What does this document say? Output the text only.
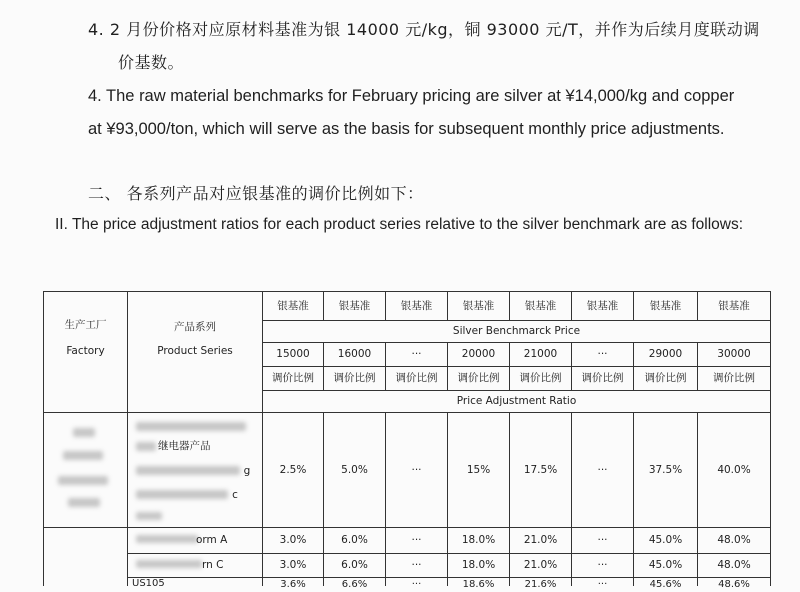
4. 2 月份价格对应原材料基准为银 14000 元/kg，铜 93000 元/T，并作为后续月度联动调
价基数。
4. The raw material benchmarks for February pricing are silver at ¥14,000/kg and copper
at ¥93,000/ton, which will serve as the basis for subsequent monthly price adjustments.
二、 各系列产品对应银基准的调价比例如下：
II. The price adjustment ratios for each product series relative to the silver benchmark are as follows:
生产工厂
Factory
产品系列
Product Series
银基准	银基准	银基准	银基准	银基准	银基准	银基准	银基准
Silver Benchmarck Price
15000	16000	···	20000	21000	···	29000	30000
调价比例	调价比例	调价比例	调价比例	调价比例	调价比例	调价比例	调价比例
Price Adjustment Ratio
继电器产品
g
c
2.5%	5.0%	···	15%	17.5%	···	37.5%	40.0%
orm A	3.0%	6.0%	···	18.0%	21.0%	···	45.0%	48.0%
rn C	3.0%	6.0%	···	18.0%	21.0%	···	45.0%	48.0%
US105	3.6%	6.6%	···	18.6%	21.6%	···	45.6%	48.6%
